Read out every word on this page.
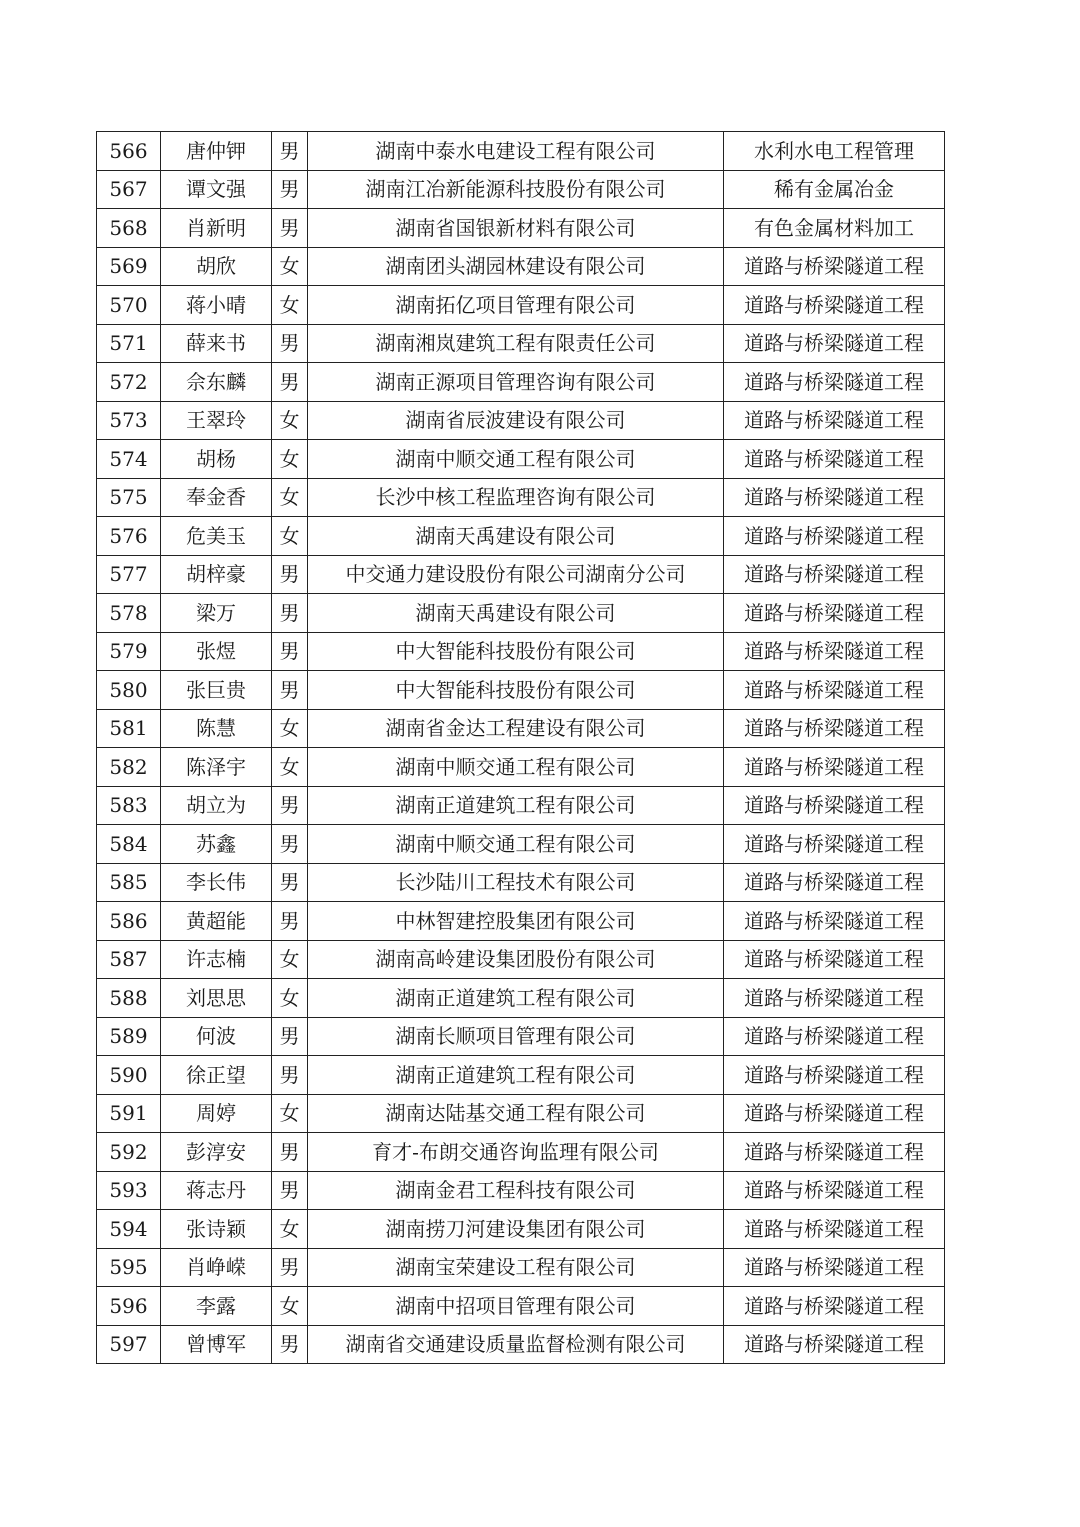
566	唐仲钾	男	湖南中泰水电建设工程有限公司	水利水电工程管理
567	谭文强	男	湖南江冶新能源科技股份有限公司	稀有金属冶金
568	肖新明	男	湖南省国银新材料有限公司	有色金属材料加工
569	胡欣	女	湖南团头湖园林建设有限公司	道路与桥梁隧道工程
570	蒋小晴	女	湖南拓亿项目管理有限公司	道路与桥梁隧道工程
571	薛来书	男	湖南湘岚建筑工程有限责任公司	道路与桥梁隧道工程
572	佘东麟	男	湖南正源项目管理咨询有限公司	道路与桥梁隧道工程
573	王翠玲	女	湖南省辰波建设有限公司	道路与桥梁隧道工程
574	胡杨	女	湖南中顺交通工程有限公司	道路与桥梁隧道工程
575	奉金香	女	长沙中核工程监理咨询有限公司	道路与桥梁隧道工程
576	危美玉	女	湖南天禹建设有限公司	道路与桥梁隧道工程
577	胡梓豪	男	中交通力建设股份有限公司湖南分公司	道路与桥梁隧道工程
578	梁万	男	湖南天禹建设有限公司	道路与桥梁隧道工程
579	张煜	男	中大智能科技股份有限公司	道路与桥梁隧道工程
580	张巨贵	男	中大智能科技股份有限公司	道路与桥梁隧道工程
581	陈慧	女	湖南省金达工程建设有限公司	道路与桥梁隧道工程
582	陈泽宇	女	湖南中顺交通工程有限公司	道路与桥梁隧道工程
583	胡立为	男	湖南正道建筑工程有限公司	道路与桥梁隧道工程
584	苏鑫	男	湖南中顺交通工程有限公司	道路与桥梁隧道工程
585	李长伟	男	长沙陆川工程技术有限公司	道路与桥梁隧道工程
586	黄超能	男	中林智建控股集团有限公司	道路与桥梁隧道工程
587	许志楠	女	湖南高岭建设集团股份有限公司	道路与桥梁隧道工程
588	刘思思	女	湖南正道建筑工程有限公司	道路与桥梁隧道工程
589	何波	男	湖南长顺项目管理有限公司	道路与桥梁隧道工程
590	徐正望	男	湖南正道建筑工程有限公司	道路与桥梁隧道工程
591	周婷	女	湖南达陆基交通工程有限公司	道路与桥梁隧道工程
592	彭淳安	男	育才-布朗交通咨询监理有限公司	道路与桥梁隧道工程
593	蒋志丹	男	湖南金君工程科技有限公司	道路与桥梁隧道工程
594	张诗颖	女	湖南捞刀河建设集团有限公司	道路与桥梁隧道工程
595	肖峥嵘	男	湖南宝荣建设工程有限公司	道路与桥梁隧道工程
596	李露	女	湖南中招项目管理有限公司	道路与桥梁隧道工程
597	曾博军	男	湖南省交通建设质量监督检测有限公司	道路与桥梁隧道工程
